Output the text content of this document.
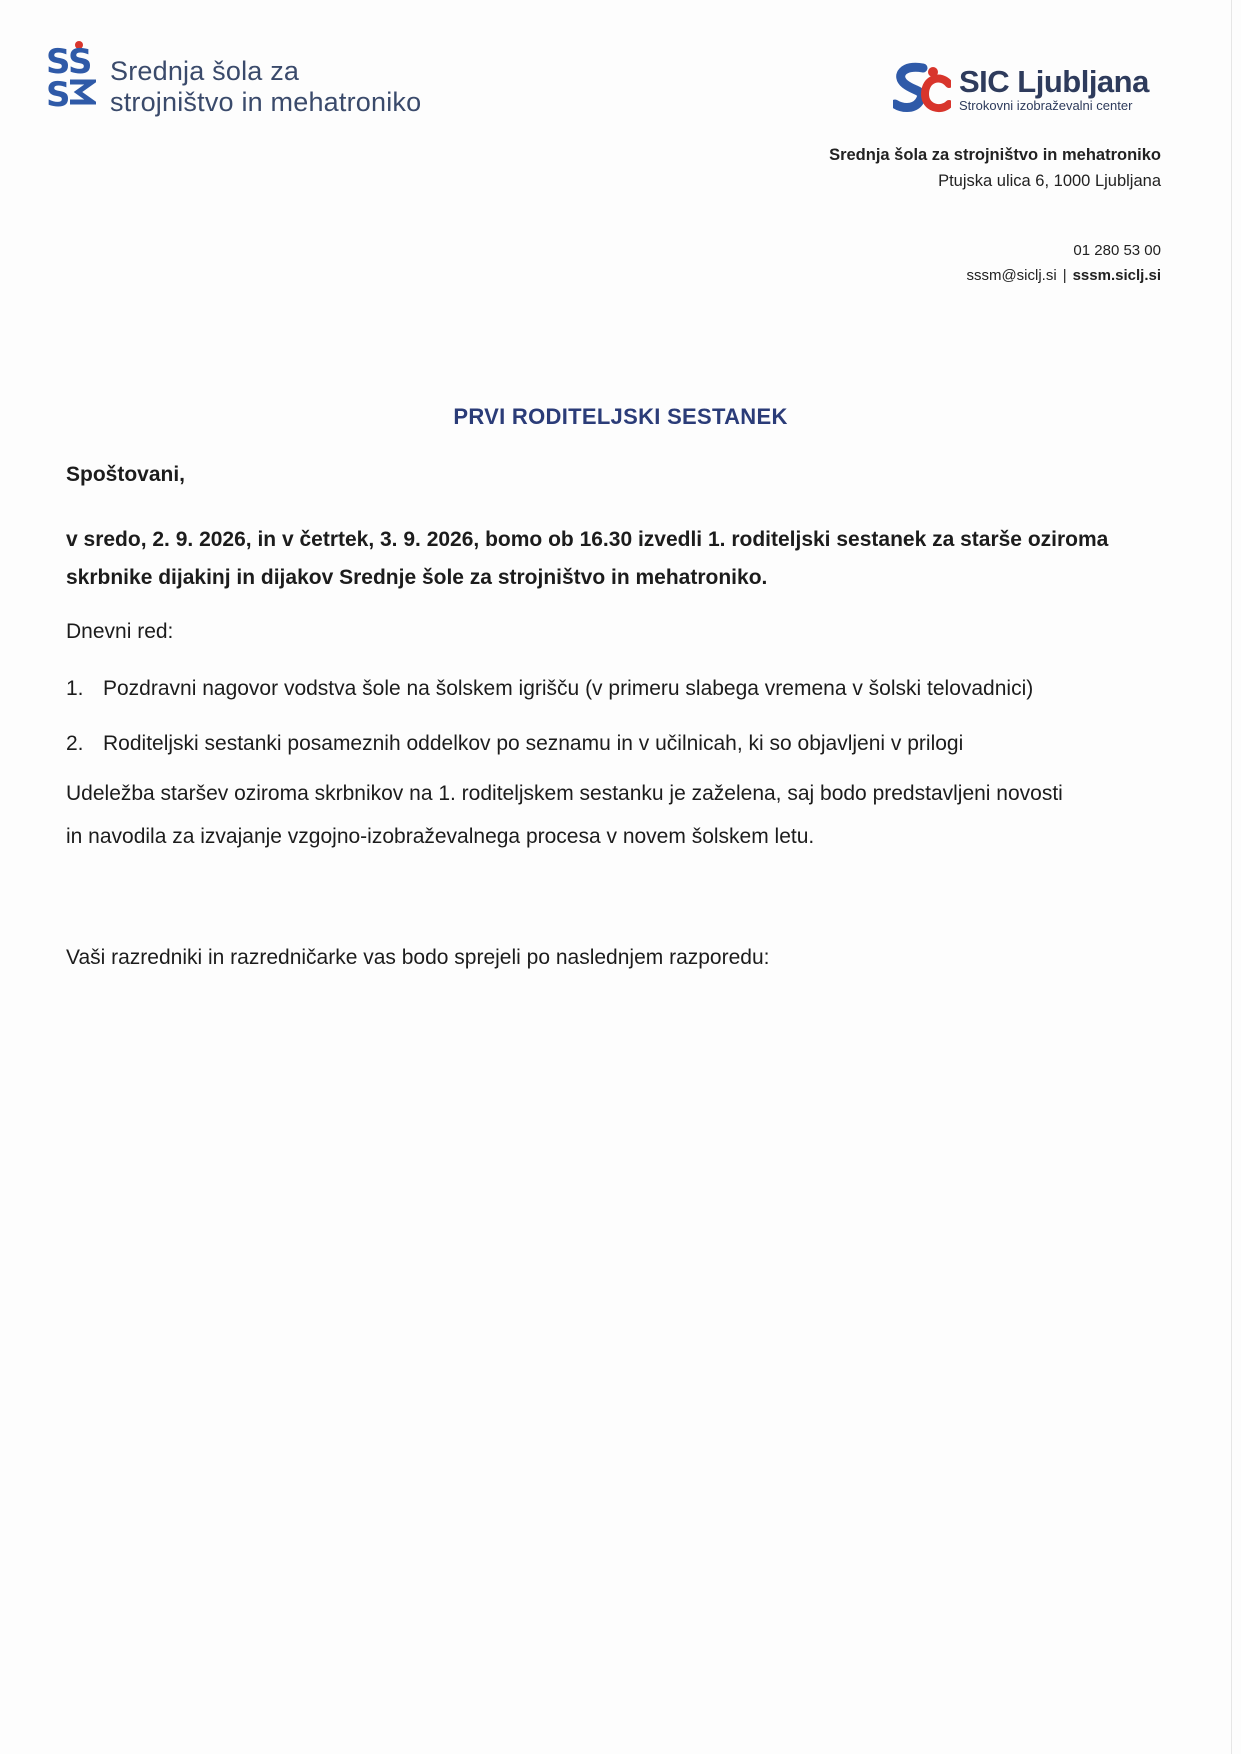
S
S
S
Srednja šola za
strojništvo in mehatroniko
SIC Ljubljana
Strokovni izobraževalni center
Srednja šola za strojništvo in mehatroniko
Ptujska ulica 6, 1000 Ljubljana
01 280 53 00
sssm@siclj.si | sssm.siclj.si
PRVI RODITELJSKI SESTANEK
Spoštovani,
v sredo, 2. 9. 2026, in v četrtek, 3. 9. 2026, bomo ob 16.30 izvedli 1. roditeljski sestanek za starše oziroma
skrbnike dijakinj in dijakov Srednje šole za strojništvo in mehatroniko.
Dnevni red:
1. Pozdravni nagovor vodstva šole na šolskem igrišču (v primeru slabega vremena v šolski telovadnici)
2. Roditeljski sestanki posameznih oddelkov po seznamu in v učilnicah, ki so objavljeni v prilogi
Udeležba staršev oziroma skrbnikov na 1. roditeljskem sestanku je zaželena, saj bodo predstavljeni novosti
in navodila za izvajanje vzgojno-izobraževalnega procesa v novem šolskem letu.
Vaši razredniki in razredničarke vas bodo sprejeli po naslednjem razporedu:
